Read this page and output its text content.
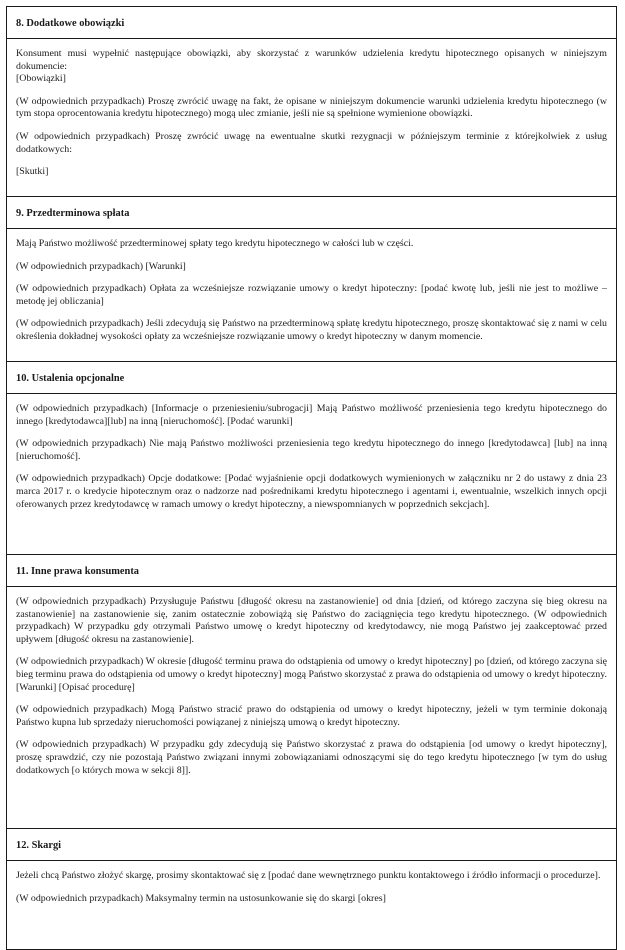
8. Dodatkowe obowiązki

Konsument musi wypełnić następujące obowiązki, aby skorzystać z warunków udzielenia kredytu hipotecznego opisanych w niniejszym dokumencie:
[Obowiązki]

(W odpowiednich przypadkach) Proszę zwrócić uwagę na fakt, że opisane w niniejszym dokumencie warunki udzielenia kredytu hipotecznego (w tym stopa oprocentowania kredytu hipotecznego) mogą ulec zmianie, jeśli nie są spełnione wymienione obowiązki.

(W odpowiednich przypadkach) Proszę zwrócić uwagę na ewentualne skutki rezygnacji w późniejszym terminie z którejkolwiek z usług dodatkowych:

[Skutki]

9. Przedterminowa spłata

Mają Państwo możliwość przedterminowej spłaty tego kredytu hipotecznego w całości lub w części.

(W odpowiednich przypadkach) [Warunki]

(W odpowiednich przypadkach) Opłata za wcześniejsze rozwiązanie umowy o kredyt hipoteczny: [podać kwotę lub, jeśli nie jest to możliwe – metodę jej obliczania]

(W odpowiednich przypadkach) Jeśli zdecydują się Państwo na przedterminową spłatę kredytu hipotecznego, proszę skontaktować się z nami w celu określenia dokładnej wysokości opłaty za wcześniejsze rozwiązanie umowy o kredyt hipoteczny w danym momencie.

10. Ustalenia opcjonalne

(W odpowiednich przypadkach) [Informacje o przeniesieniu/subrogacji] Mają Państwo możliwość przeniesienia tego kredytu hipotecznego do innego [kredytodawca][lub] na inną [nieruchomość]. [Podać warunki]

(W odpowiednich przypadkach) Nie mają Państwo możliwości przeniesienia tego kredytu hipotecznego do innego [kredytodawca] [lub] na inną [nieruchomość].

(W odpowiednich przypadkach) Opcje dodatkowe: [Podać wyjaśnienie opcji dodatkowych wymienionych w załączniku nr 2 do ustawy z dnia 23 marca 2017 r. o kredycie hipotecznym oraz o nadzorze nad pośrednikami kredytu hipotecznego i agentami i, ewentualnie, wszelkich innych opcji oferowanych przez kredytodawcę w ramach umowy o kredyt hipoteczny, a niewspomnianych w poprzednich sekcjach].

11. Inne prawa konsumenta

(W odpowiednich przypadkach) Przysługuje Państwu [długość okresu na zastanowienie] od dnia [dzień, od którego zaczyna się bieg okresu na zastanowienie] na zastanowienie się, zanim ostatecznie zobowiążą się Państwo do zaciągnięcia tego kredytu hipotecznego. (W odpowiednich przypadkach) W przypadku gdy otrzymali Państwo umowę o kredyt hipoteczny od kredytodawcy, nie mogą Państwo jej zaakceptować przed upływem [długość okresu na zastanowienie].

(W odpowiednich przypadkach) W okresie [długość terminu prawa do odstąpienia od umowy o kredyt hipoteczny] po [dzień, od którego zaczyna się bieg terminu prawa do odstąpienia od umowy o kredyt hipoteczny] mogą Państwo skorzystać z prawa do odstąpienia od umowy o kredyt hipoteczny. [Warunki] [Opisać procedurę]

(W odpowiednich przypadkach) Mogą Państwo stracić prawo do odstąpienia od umowy o kredyt hipoteczny, jeżeli w tym terminie dokonają Państwo kupna lub sprzedaży nieruchomości powiązanej z niniejszą umową o kredyt hipoteczny.

(W odpowiednich przypadkach) W przypadku gdy zdecydują się Państwo skorzystać z prawa do odstąpienia [od umowy o kredyt hipoteczny], proszę sprawdzić, czy nie pozostają Państwo związani innymi zobowiązaniami odnoszącymi się do tego kredytu hipotecznego [w tym do usług dodatkowych [o których mowa w sekcji 8]].

12. Skargi

Jeżeli chcą Państwo złożyć skargę, prosimy skontaktować się z [podać dane wewnętrznego punktu kontaktowego i źródło informacji o procedurze].

(W odpowiednich przypadkach) Maksymalny termin na ustosunkowanie się do skargi [okres]
